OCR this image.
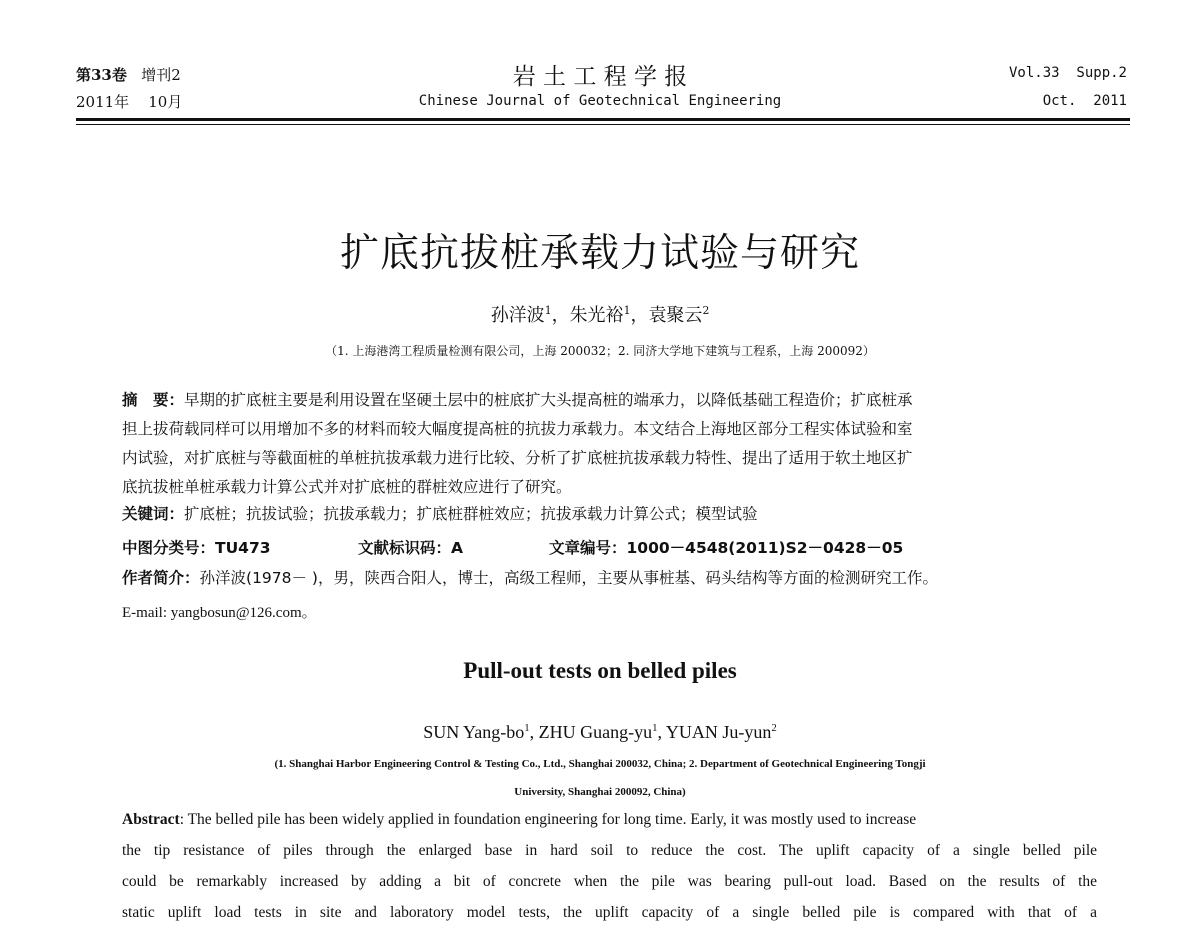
第33卷 增刊2
2011年 10月
岩 土 工 程 学 报
Chinese Journal of Geotechnical Engineering
Vol.33  Supp.2
Oct.  2011
扩底抗拔桩承载力试验与研究
孙洋波$^1$，朱光裕$^1$，袁聚云$^2$
（1. 上海港湾工程质量检测有限公司，上海 200032；2. 同济大学地下建筑与工程系，上海 200092）
摘　要：早期的扩底桩主要是利用设置在坚硬土层中的桩底扩大头提高桩的端承力，以降低基础工程造价；扩底桩承
担上拔荷载同样可以用增加不多的材料而较大幅度提高桩的抗拔力承载力。本文结合上海地区部分工程实体试验和室
内试验，对扩底桩与等截面桩的单桩抗拔承载力进行比较、分析了扩底桩抗拔承载力特性、提出了适用于软土地区扩
底抗拔桩单桩承载力计算公式并对扩底桩的群桩效应进行了研究。
关键词：扩底桩；抗拔试验；抗拔承载力；扩底桩群桩效应；抗拔承载力计算公式；模型试验
中图分类号：TU473	文献标识码：A	文章编号：1000－4548(2011)S2－0428－05
作者简介：孙洋波(1978－ )，男，陕西合阳人，博士，高级工程师，主要从事桩基、码头结构等方面的检测研究工作。
E-mail: yangbosun@126.com。
Pull-out tests on belled piles
SUN Yang-$bo^1$, ZHU Guang-$yu^1$, YUAN Ju-yun$^2$
(1. Shanghai Harbor Engineering Control & Testing Co., Ltd., Shanghai 200032, China; 2. Department of Geotechnical Engineering Tongji
University, Shanghai 200092, China)
Abstract: The belled pile has been widely applied in foundation engineering for long time. Early, it was mostly used to increase
the tip resistance of piles through the enlarged base in hard soil to reduce the cost. The uplift capacity of a single belled pile
could be remarkably increased by adding a bit of concrete when the pile was bearing pull-out load. Based on the results of the
static uplift load tests in site and laboratory model tests, the uplift capacity of a single belled pile is compared with that of a
